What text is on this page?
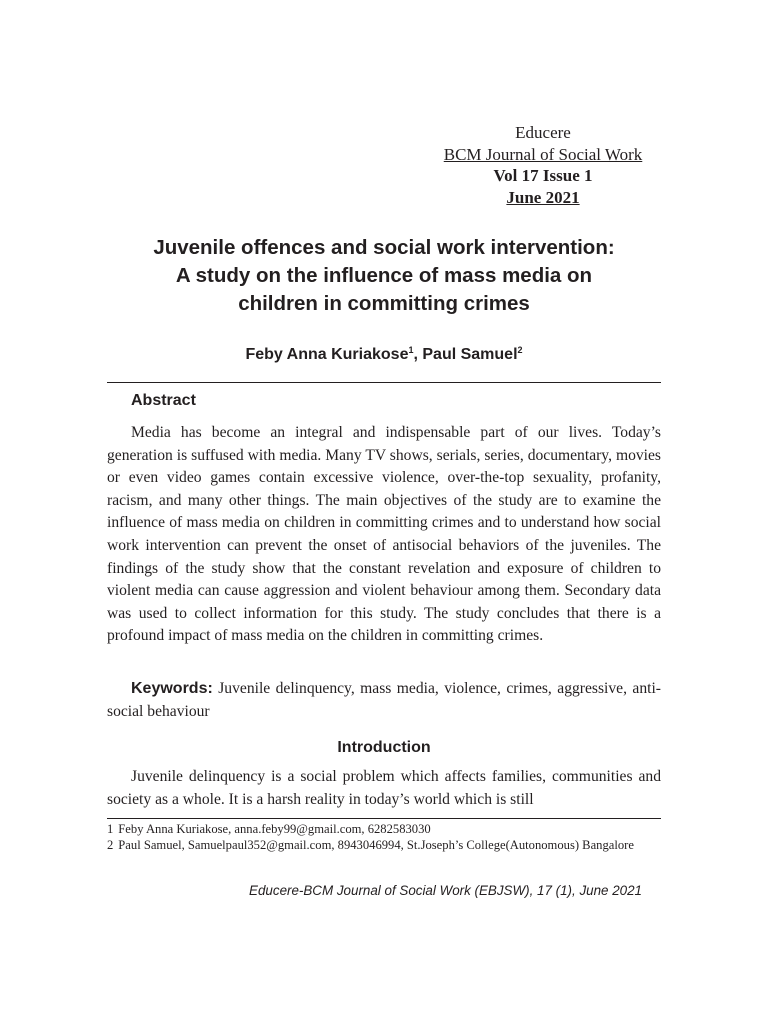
Educere
BCM Journal of Social Work
Vol 17 Issue 1
June 2021
Juvenile offences and social work intervention:
A study on the influence of mass media on
children in committing crimes
Feby Anna Kuriakose$^1$, Paul Samuel$^2$
Abstract

Media has become an integral and indispensable part of our lives. Today’s generation is suffused with media. Many TV shows, serials, series, documentary, movies or even video games contain excessive violence, over-the-top sexuality, profanity, racism, and many other things. The main objectives of the study are to examine the influence of mass media on children in committing crimes and to understand how social work intervention can prevent the onset of antisocial behaviors of the juveniles. The findings of the study show that the constant revelation and exposure of children to violent media can cause aggression and violent behaviour among them. Secondary data was used to collect information for this study. The study concludes that there is a profound impact of mass media on the children in committing crimes.

Keywords: Juvenile delinquency, mass media, violence, crimes, aggressive, anti-social behaviour

Introduction

Juvenile delinquency is a social problem which affects families, communities and society as a whole. It is a harsh reality in today’s world which is still

1 Feby Anna Kuriakose, anna.feby99@gmail.com, 6282583030

2 Paul Samuel, Samuelpaul352@gmail.com, 8943046994, St.Joseph’s College(Autonomous) Bangalore

Educere-BCM Journal of Social Work (EBJSW), 17 (1), June 2021
